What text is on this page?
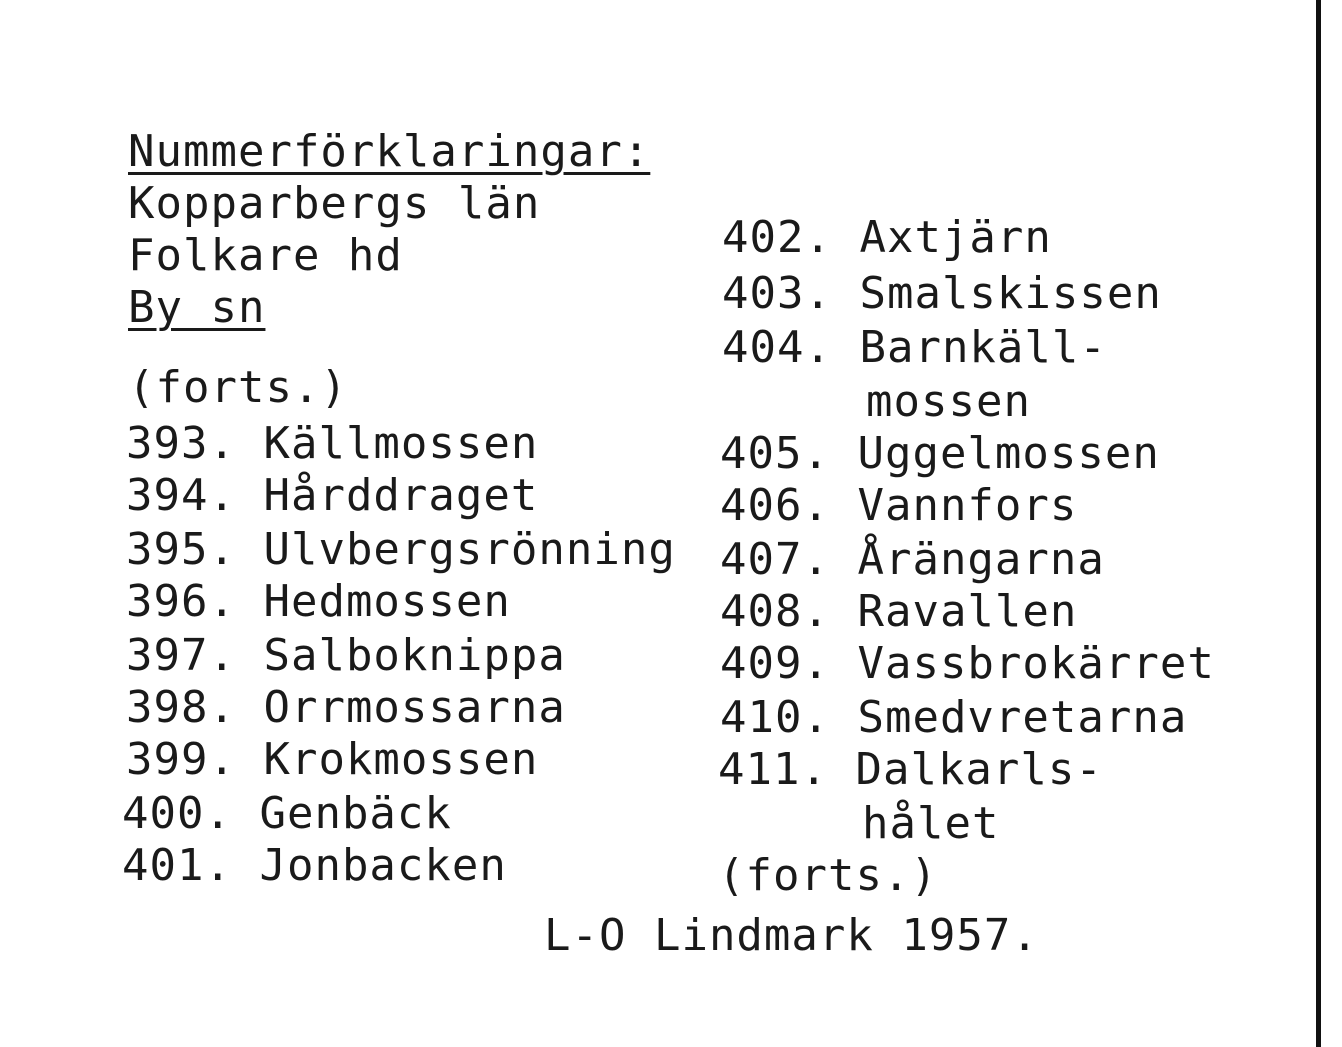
Nummerförklaringar:
Kopparbergs län
Folkare hd
By sn
(forts.)
393. Källmossen
394. Hårddraget
395. Ulvbergsrönning
396. Hedmossen
397. Salboknippa
398. Orrmossarna
399. Krokmossen
400. Genbäck
401. Jonbacken
402. Axtjärn
403. Smalskissen
404. Barnkäll-
mossen
405. Uggelmossen
406. Vannfors
407. Årängarna
408. Ravallen
409. Vassbrokärret
410. Smedvretarna
411. Dalkarls-
hålet
(forts.)
L-O Lindmark 1957.
